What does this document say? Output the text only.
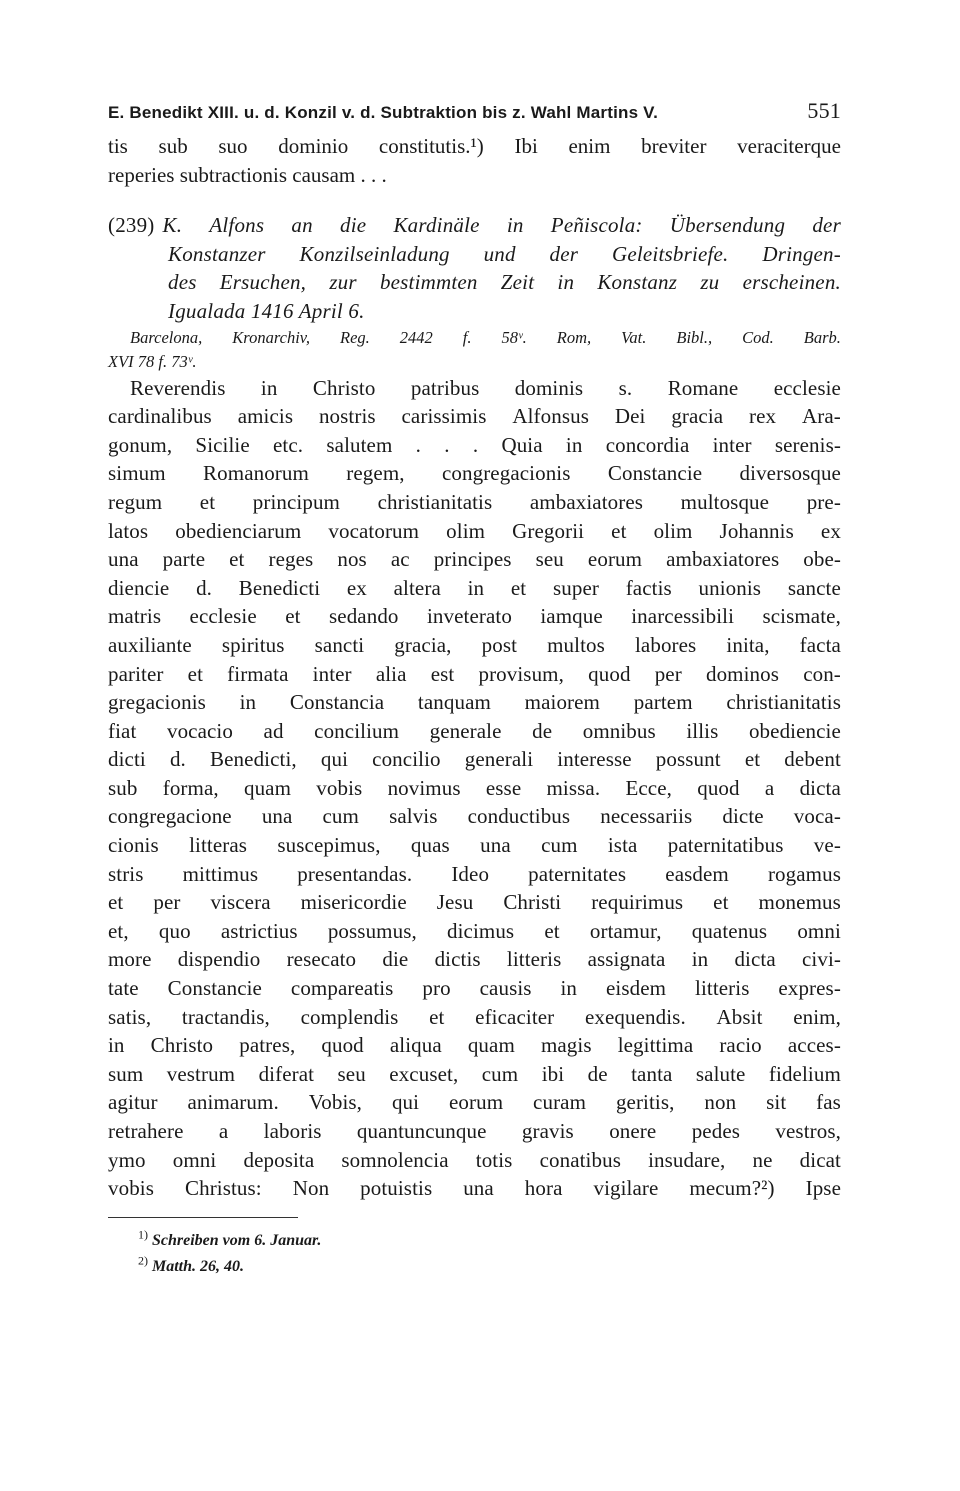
E. Benedikt XIII. u. d. Konzil v. d. Subtraktion bis z. Wahl Martins V.	551
tis sub suo dominio constitutis.¹) Ibi enim breviter veraciterque
reperies subtractionis causam . . .
(239) K. Alfons an die Kardinäle in Peñiscola: Übersendung der
Konstanzer Konzilseinladung und der Geleitsbriefe. Dringen-
des Ersuchen, zur bestimmten Zeit in Konstanz zu erscheinen.
Igualada 1416 April 6.
Barcelona, Kronarchiv, Reg. 2442 f. 58ᵛ. Rom, Vat. Bibl., Cod. Barb.
XVI 78 f. 73ᵛ.
Reverendis in Christo patribus dominis s. Romane ecclesie
cardinalibus amicis nostris carissimis Alfonsus Dei gracia rex Ara-
gonum, Sicilie etc. salutem . . . Quia in concordia inter serenis-
simum Romanorum regem, congregacionis Constancie diversosque
regum et principum christianitatis ambaxiatores multosque pre-
latos obedienciarum vocatorum olim Gregorii et olim Johannis ex
una parte et reges nos ac principes seu eorum ambaxiatores obe-
diencie d. Benedicti ex altera in et super factis unionis sancte
matris ecclesie et sedando inveterato iamque inarcessibili scismate,
auxiliante spiritus sancti gracia, post multos labores inita, facta
pariter et firmata inter alia est provisum, quod per dominos con-
gregacionis in Constancia tanquam maiorem partem christianitatis
fiat vocacio ad concilium generale de omnibus illis obediencie
dicti d. Benedicti, qui concilio generali interesse possunt et debent
sub forma, quam vobis novimus esse missa. Ecce, quod a dicta
congregacione una cum salvis conductibus necessariis dicte voca-
cionis litteras suscepimus, quas una cum ista paternitatibus ve-
stris mittimus presentandas. Ideo paternitates easdem rogamus
et per viscera misericordie Jesu Christi requirimus et monemus
et, quo astrictius possumus, dicimus et ortamur, quatenus omni
more dispendio resecato die dictis litteris assignata in dicta civi-
tate Constancie compareatis pro causis in eisdem litteris expres-
satis, tractandis, complendis et eficaciter exequendis. Absit enim,
in Christo patres, quod aliqua quam magis legittima racio acces-
sum vestrum diferat seu excuset, cum ibi de tanta salute fidelium
agitur animarum. Vobis, qui eorum curam geritis, non sit fas
retrahere a laboris quantuncunque gravis onere pedes vestros,
ymo omni deposita somnolencia totis conatibus insudare, ne dicat
vobis Christus: Non potuistis una hora vigilare mecum?²) Ipse
$^{1)}$ Schreiben vom 6. Januar.
$^{2)}$ Matth. 26, 40.
